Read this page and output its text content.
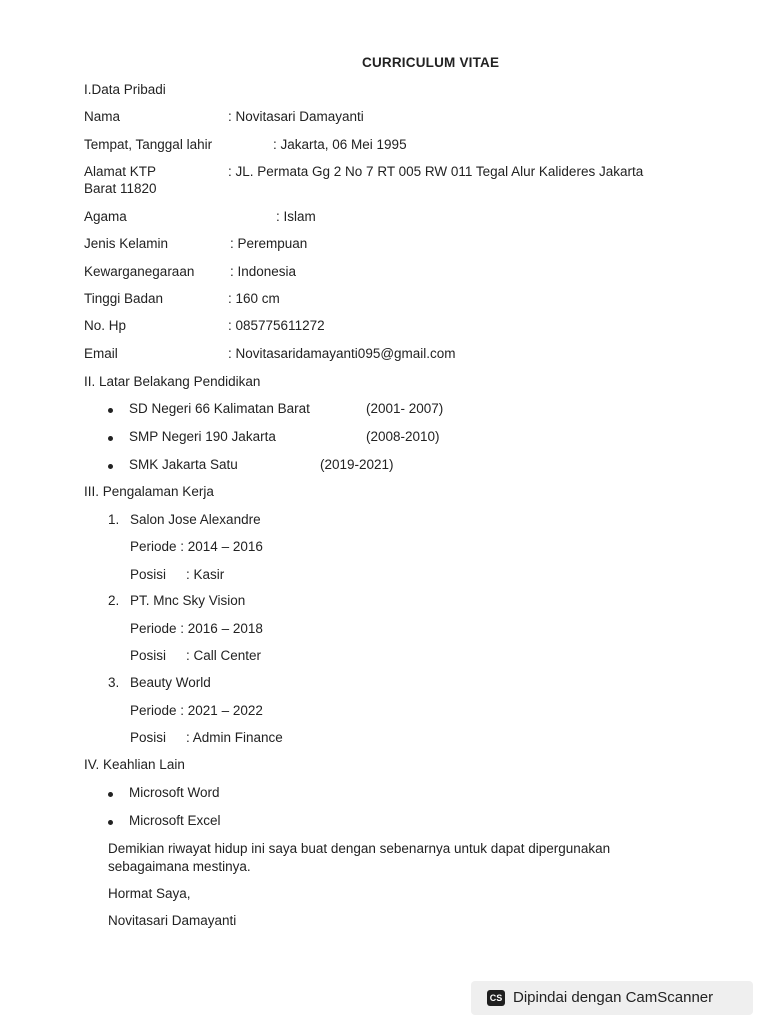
CURRICULUM VITAE
I.Data Pribadi
Nama	: Novitasari Damayanti
Tempat, Tanggal lahir	: Jakarta, 06 Mei 1995
Alamat KTP	: JL. Permata Gg 2 No 7 RT 005 RW 011 Tegal Alur Kalideres Jakarta
Barat 11820
Agama	: Islam
Jenis Kelamin	: Perempuan
Kewarganegaraan	: Indonesia
Tinggi Badan	: 160 cm
No. Hp	: 085775611272
Email	: Novitasaridamayanti095@gmail.com
II. Latar Belakang Pendidikan
SD Negeri 66 Kalimatan Barat	(2001- 2007)
SMP Negeri 190 Jakarta	(2008-2010)
SMK Jakarta Satu	(2019-2021)
III. Pengalaman Kerja
1. Salon Jose Alexandre
Periode : 2014 – 2016
Posisi : Kasir
2. PT. Mnc Sky Vision
Periode : 2016 – 2018
Posisi : Call Center
3. Beauty World
Periode : 2021 – 2022
Posisi : Admin Finance
IV. Keahlian Lain
Microsoft Word
Microsoft Excel
Demikian riwayat hidup ini saya buat dengan sebenarnya untuk dapat dipergunakan
sebagaimana mestinya.
Hormat Saya,
Novitasari Damayanti
CS Dipindai dengan CamScanner
